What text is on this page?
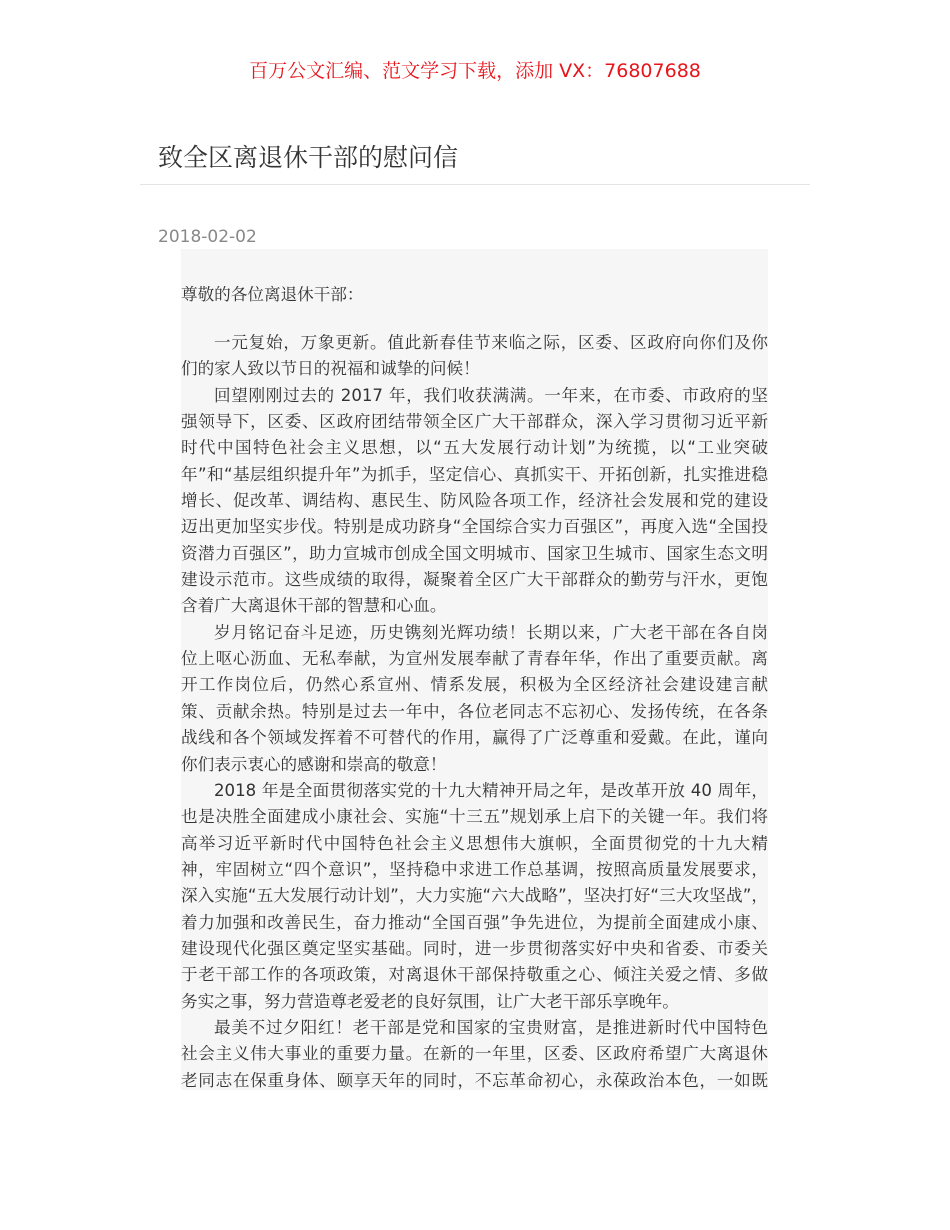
百万公文汇编、范文学习下载，添加 VX：76807688
致全区离退休干部的慰问信
2018-02-02
尊敬的各位离退休干部：
一元复始，万象更新。值此新春佳节来临之际，区委、区政府向你们及你
们的家人致以节日的祝福和诚挚的问候！
回望刚刚过去的 2017 年，我们收获满满。一年来，在市委、市政府的坚
强领导下，区委、区政府团结带领全区广大干部群众，深入学习贯彻习近平新
时代中国特色社会主义思想，以“五大发展行动计划”为统揽，以“工业突破
年”和“基层组织提升年”为抓手，坚定信心、真抓实干、开拓创新，扎实推进稳
增长、促改革、调结构、惠民生、防风险各项工作，经济社会发展和党的建设
迈出更加坚实步伐。特别是成功跻身“全国综合实力百强区”，再度入选“全国投
资潜力百强区”，助力宣城市创成全国文明城市、国家卫生城市、国家生态文明
建设示范市。这些成绩的取得，凝聚着全区广大干部群众的勤劳与汗水，更饱
含着广大离退休干部的智慧和心血。
岁月铭记奋斗足迹，历史镌刻光辉功绩！长期以来，广大老干部在各自岗
位上呕心沥血、无私奉献，为宣州发展奉献了青春年华，作出了重要贡献。离
开工作岗位后，仍然心系宣州、情系发展，积极为全区经济社会建设建言献
策、贡献余热。特别是过去一年中，各位老同志不忘初心、发扬传统，在各条
战线和各个领域发挥着不可替代的作用，赢得了广泛尊重和爱戴。在此，谨向
你们表示衷心的感谢和崇高的敬意！
2018 年是全面贯彻落实党的十九大精神开局之年，是改革开放 40 周年，
也是决胜全面建成小康社会、实施“十三五”规划承上启下的关键一年。我们将
高举习近平新时代中国特色社会主义思想伟大旗帜，全面贯彻党的十九大精
神，牢固树立“四个意识”，坚持稳中求进工作总基调，按照高质量发展要求，
深入实施“五大发展行动计划”，大力实施“六大战略”，坚决打好“三大攻坚战”，
着力加强和改善民生，奋力推动“全国百强”争先进位，为提前全面建成小康、
建设现代化强区奠定坚实基础。同时，进一步贯彻落实好中央和省委、市委关
于老干部工作的各项政策，对离退休干部保持敬重之心、倾注关爱之情、多做
务实之事，努力营造尊老爱老的良好氛围，让广大老干部乐享晚年。
最美不过夕阳红！老干部是党和国家的宝贵财富，是推进新时代中国特色
社会主义伟大事业的重要力量。在新的一年里，区委、区政府希望广大离退休
老同志在保重身体、颐享天年的同时，不忘革命初心，永葆政治本色，一如既
